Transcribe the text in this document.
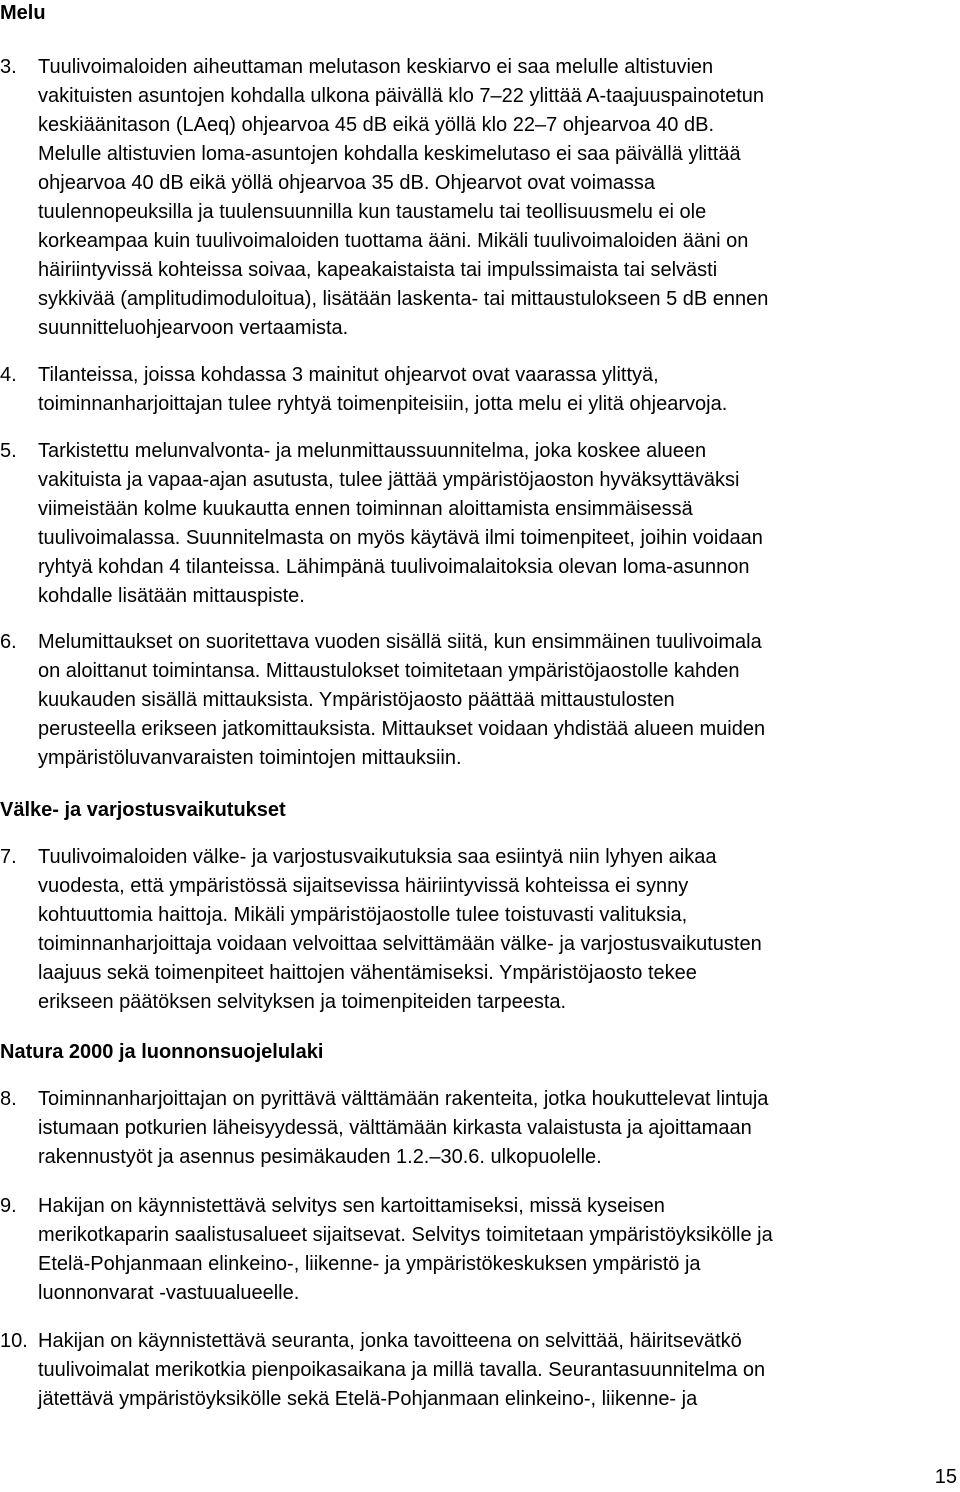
Melu
3. Tuulivoimaloiden aiheuttaman melutason keskiarvo ei saa melulle altistuvien
vakituisten asuntojen kohdalla ulkona päivällä klo 7–22 ylittää A-taajuuspainotetun
keskiäänitason (LAeq) ohjearvoa 45 dB eikä yöllä klo 22–7 ohjearvoa 40 dB.
Melulle altistuvien loma-asuntojen kohdalla keskimelutaso ei saa päivällä ylittää
ohjearvoa 40 dB eikä yöllä ohjearvoa 35 dB. Ohjearvot ovat voimassa
tuulennopeuksilla ja tuulensuunnilla kun taustamelu tai teollisuusmelu ei ole
korkeampaa kuin tuulivoimaloiden tuottama ääni. Mikäli tuulivoimaloiden ääni on
häiriintyvissä kohteissa soivaa, kapeakaistaista tai impulssimaista tai selvästi
sykkivää (amplitudimoduloitua), lisätään laskenta- tai mittaustulokseen 5 dB ennen
suunnitteluohjearvoon vertaamista.
4. Tilanteissa, joissa kohdassa 3 mainitut ohjearvot ovat vaarassa ylittyä,
toiminnanharjoittajan tulee ryhtyä toimenpiteisiin, jotta melu ei ylitä ohjearvoja.
5. Tarkistettu melunvalvonta- ja melunmittaussuunnitelma, joka koskee alueen
vakituista ja vapaa-ajan asutusta, tulee jättää ympäristöjaoston hyväksyttäväksi
viimeistään kolme kuukautta ennen toiminnan aloittamista ensimmäisessä
tuulivoimalassa. Suunnitelmasta on myös käytävä ilmi toimenpiteet, joihin voidaan
ryhtyä kohdan 4 tilanteissa. Lähimpänä tuulivoimalaitoksia olevan loma-asunnon
kohdalle lisätään mittauspiste.
6. Melumittaukset on suoritettava vuoden sisällä siitä, kun ensimmäinen tuulivoimala
on aloittanut toimintansa. Mittaustulokset toimitetaan ympäristöjaostolle kahden
kuukauden sisällä mittauksista. Ympäristöjaosto päättää mittaustulosten
perusteella erikseen jatkomittauksista. Mittaukset voidaan yhdistää alueen muiden
ympäristöluvanvaraisten toimintojen mittauksiin.
Välke- ja varjostusvaikutukset
7. Tuulivoimaloiden välke- ja varjostusvaikutuksia saa esiintyä niin lyhyen aikaa
vuodesta, että ympäristössä sijaitsevissa häiriintyvissä kohteissa ei synny
kohtuuttomia haittoja. Mikäli ympäristöjaostolle tulee toistuvasti valituksia,
toiminnanharjoittaja voidaan velvoittaa selvittämään välke- ja varjostusvaikutusten
laajuus sekä toimenpiteet haittojen vähentämiseksi. Ympäristöjaosto tekee
erikseen päätöksen selvityksen ja toimenpiteiden tarpeesta.
Natura 2000 ja luonnonsuojelulaki
8. Toiminnanharjoittajan on pyrittävä välttämään rakenteita, jotka houkuttelevat lintuja
istumaan potkurien läheisyydessä, välttämään kirkasta valaistusta ja ajoittamaan
rakennustyöt ja asennus pesimäkauden 1.2.–30.6. ulkopuolelle.
9. Hakijan on käynnistettävä selvitys sen kartoittamiseksi, missä kyseisen
merikotkaparin saalistusalueet sijaitsevat. Selvitys toimitetaan ympäristöyksikölle ja
Etelä-Pohjanmaan elinkeino-, liikenne- ja ympäristökeskuksen ympäristö ja
luonnonvarat -vastuualueelle.
10. Hakijan on käynnistettävä seuranta, jonka tavoitteena on selvittää, häiritsevätkö
tuulivoimalat merikotkia pienpoikasaikana ja millä tavalla. Seurantasuunnitelma on
jätettävä ympäristöyksikölle sekä Etelä-Pohjanmaan elinkeino-, liikenne- ja
15
